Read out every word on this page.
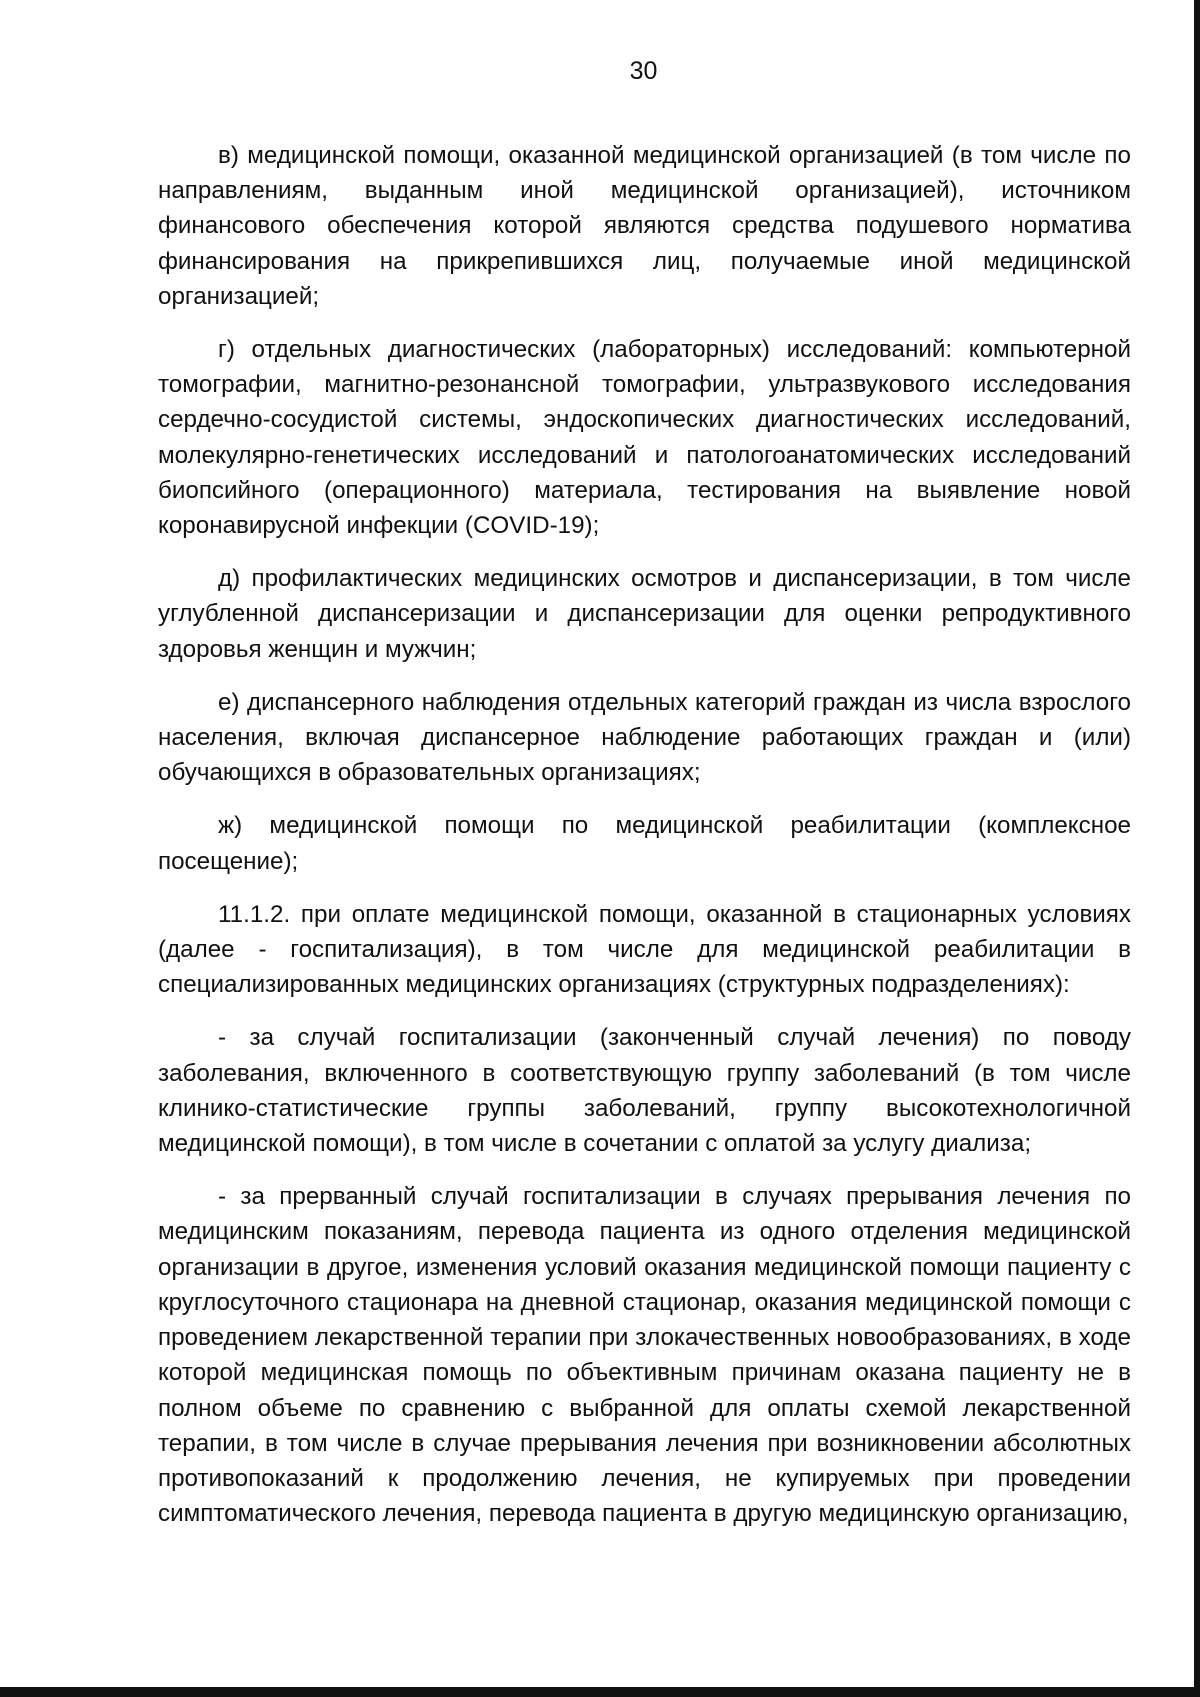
30

в) медицинской помощи, оказанной медицинской организацией (в том числе по направлениям, выданным иной медицинской организацией), источником финансового обеспечения которой являются средства подушевого норматива финансирования на прикрепившихся лиц, получаемые иной медицинской организацией;

г) отдельных диагностических (лабораторных) исследований: компьютерной томографии, магнитно-резонансной томографии, ультразвукового исследования сердечно-сосудистой системы, эндоскопических диагностических исследований, молекулярно-генетических исследований и патологоанатомических исследований биопсийного (операционного) материала, тестирования на выявление новой коронавирусной инфекции (COVID-19);

д) профилактических медицинских осмотров и диспансеризации, в том числе углубленной диспансеризации и диспансеризации для оценки репродуктивного здоровья женщин и мужчин;

е) диспансерного наблюдения отдельных категорий граждан из числа взрослого населения, включая диспансерное наблюдение работающих граждан и (или) обучающихся в образовательных организациях;

ж) медицинской помощи по медицинской реабилитации (комплексное посещение);

11.1.2. при оплате медицинской помощи, оказанной в стационарных условиях (далее - госпитализация), в том числе для медицинской реабилитации в специализированных медицинских организациях (структурных подразделениях):

- за случай госпитализации (законченный случай лечения) по поводу заболевания, включенного в соответствующую группу заболеваний (в том числе клинико-статистические группы заболеваний, группу высокотехнологичной медицинской помощи), в том числе в сочетании с оплатой за услугу диализа;

- за прерванный случай госпитализации в случаях прерывания лечения по медицинским показаниям, перевода пациента из одного отделения медицинской организации в другое, изменения условий оказания медицинской помощи пациенту с круглосуточного стационара на дневной стационар, оказания медицинской помощи с проведением лекарственной терапии при злокачественных новообразованиях, в ходе которой медицинская помощь по объективным причинам оказана пациенту не в полном объеме по сравнению с выбранной для оплаты схемой лекарственной терапии, в том числе в случае прерывания лечения при возникновении абсолютных противопоказаний к продолжению лечения, не купируемых при проведении симптоматического лечения, перевода пациента в другую медицинскую организацию,
